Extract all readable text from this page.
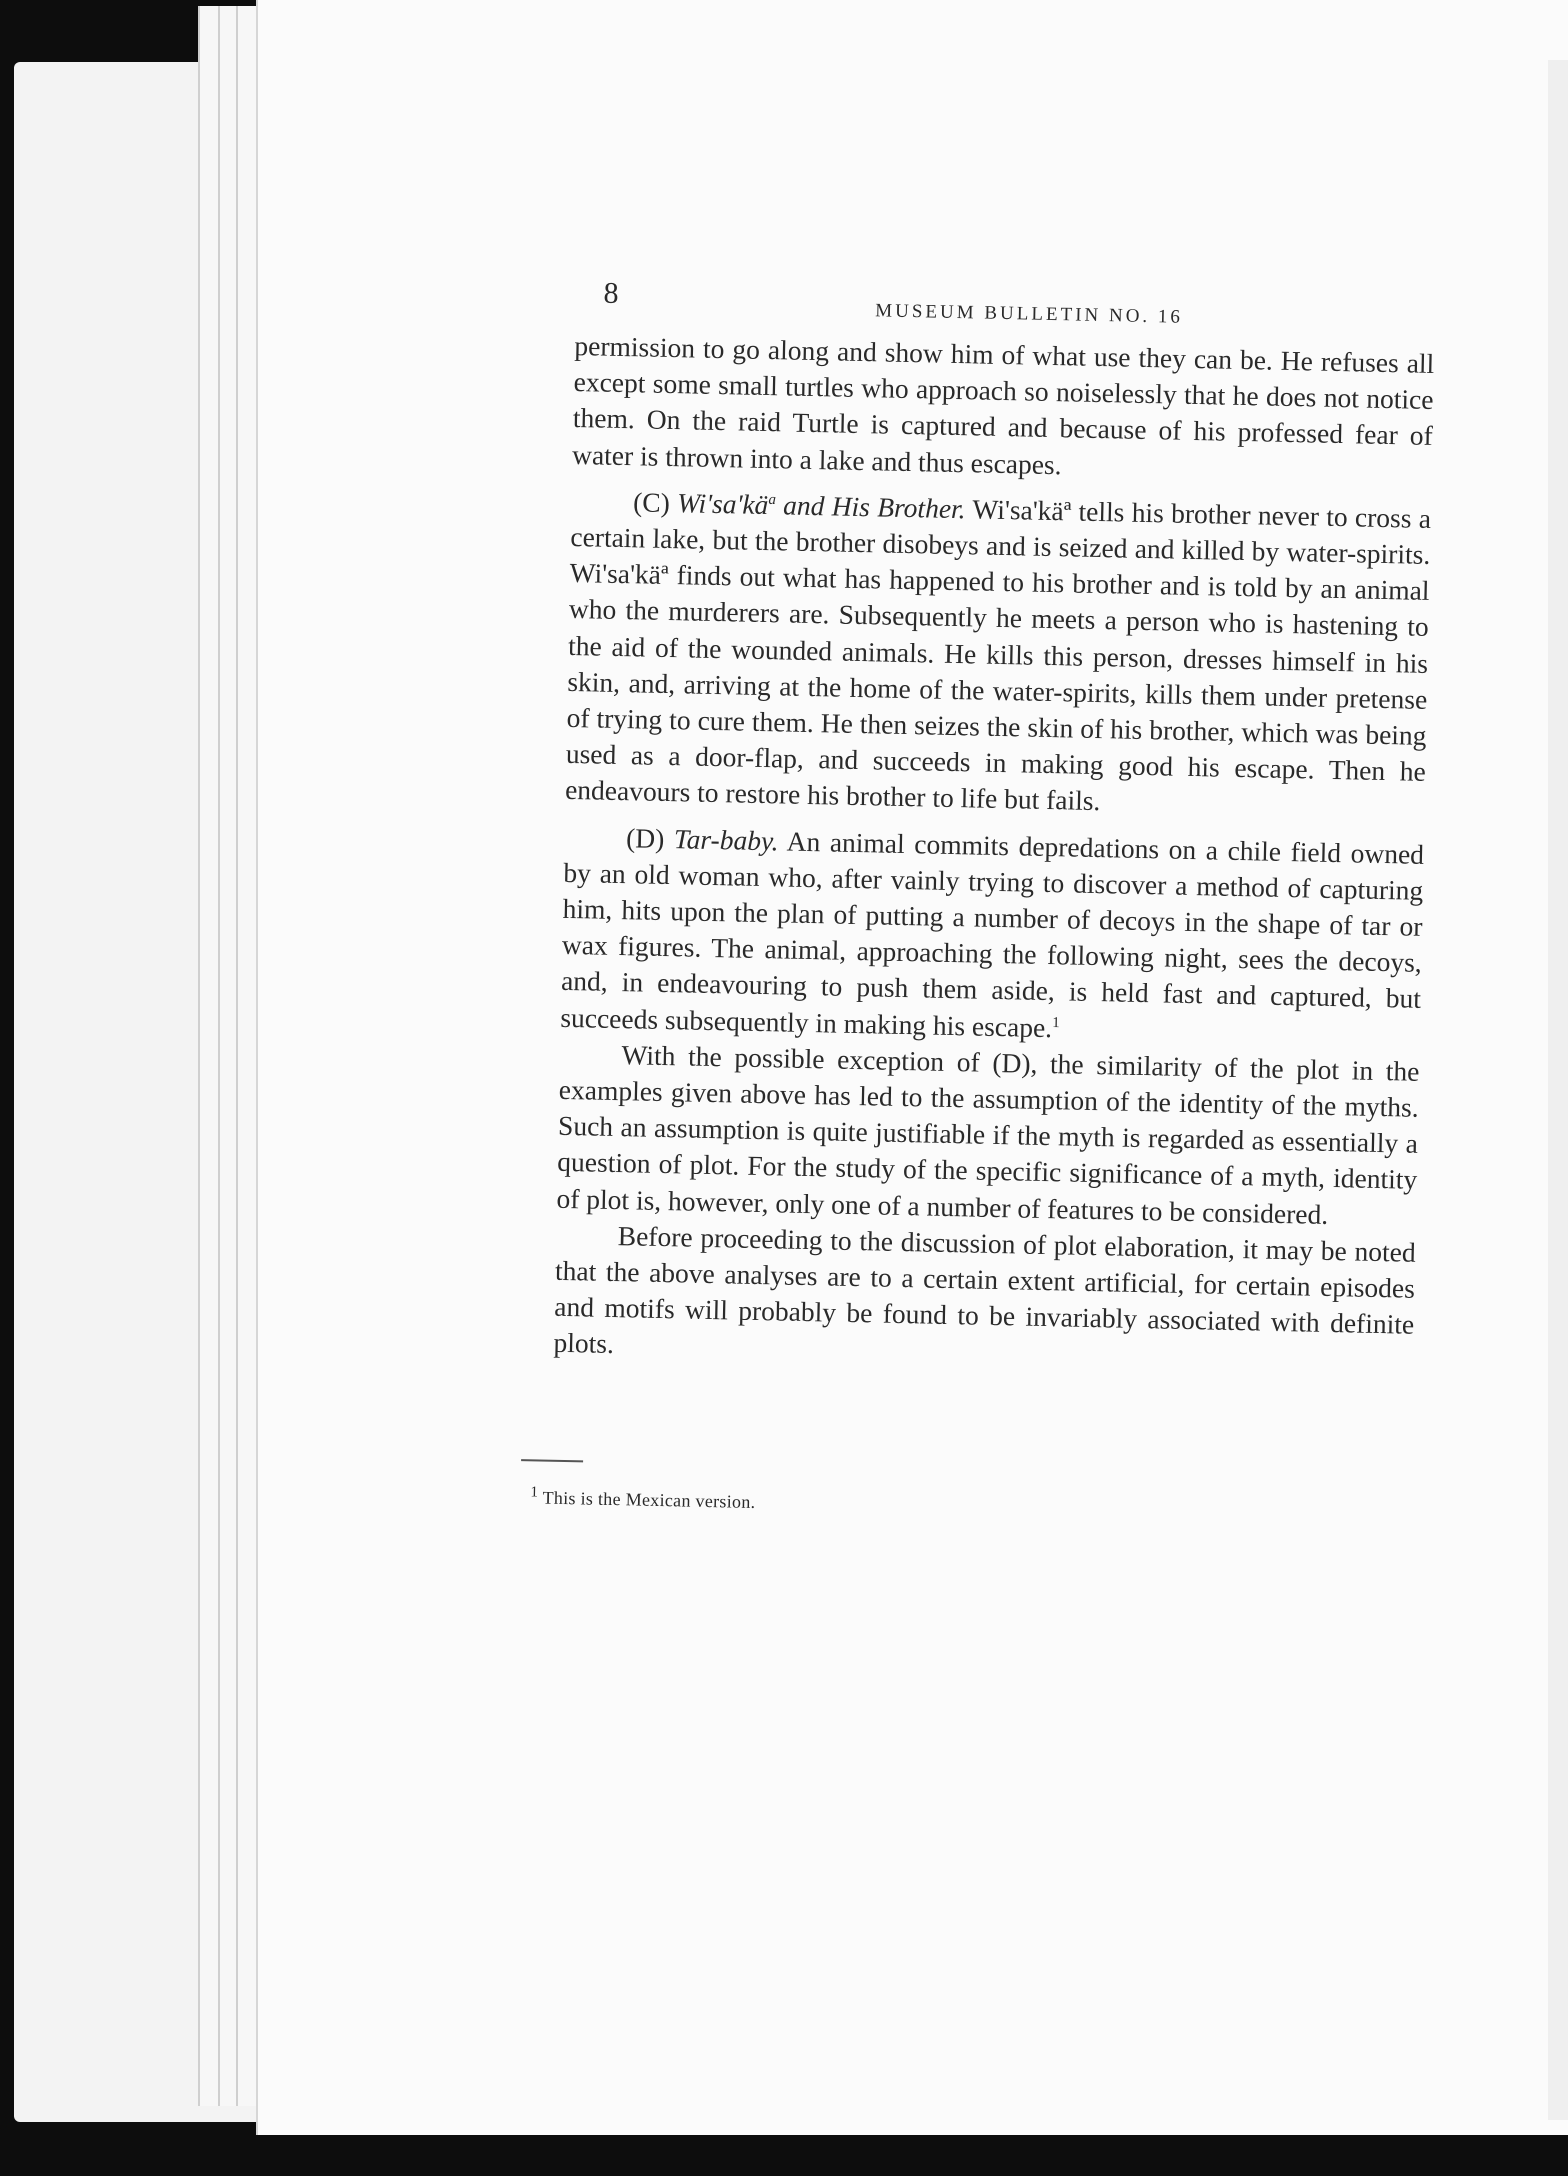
8
MUSEUM BULLETIN NO. 16

permission to go along and show him of what use they can be. He refuses all except some small turtles who approach so noiselessly that he does not notice them. On the raid Turtle is captured and because of his professed fear of water is thrown into a lake and thus escapes.

(C) $Wi'sa'kä^a$ and His Brother. Wi'sa'käª tells his brother never to cross a certain lake, but the brother disobeys and is seized and killed by water-spirits. Wi'sa'käª finds out what has happened to his brother and is told by an animal who the murderers are. Subsequently he meets a person who is hastening to the aid of the wounded animals. He kills this person, dresses himself in his skin, and, arriving at the home of the water-spirits, kills them under pretense of trying to cure them. He then seizes the skin of his brother, which was being used as a door-flap, and succeeds in making good his escape. Then he endeavours to restore his brother to life but fails.

(D) Tar-baby. An animal commits depredations on a chile field owned by an old woman who, after vainly trying to discover a method of capturing him, hits upon the plan of putting a number of decoys in the shape of tar or wax figures. The animal, approaching the following night, sees the decoys, and, in endeavouring to push them aside, is held fast and captured, but succeeds subsequently in making his escape.$^1$

With the possible exception of (D), the similarity of the plot in the examples given above has led to the assumption of the identity of the myths. Such an assumption is quite justifiable if the myth is regarded as essentially a question of plot. For the study of the specific significance of a myth, identity of plot is, however, only one of a number of features to be considered.

Before proceeding to the discussion of plot elaboration, it may be noted that the above analyses are to a certain extent artificial, for certain episodes and motifs will probably be found to be invariably associated with definite plots.

$^1$ This is the Mexican version.
